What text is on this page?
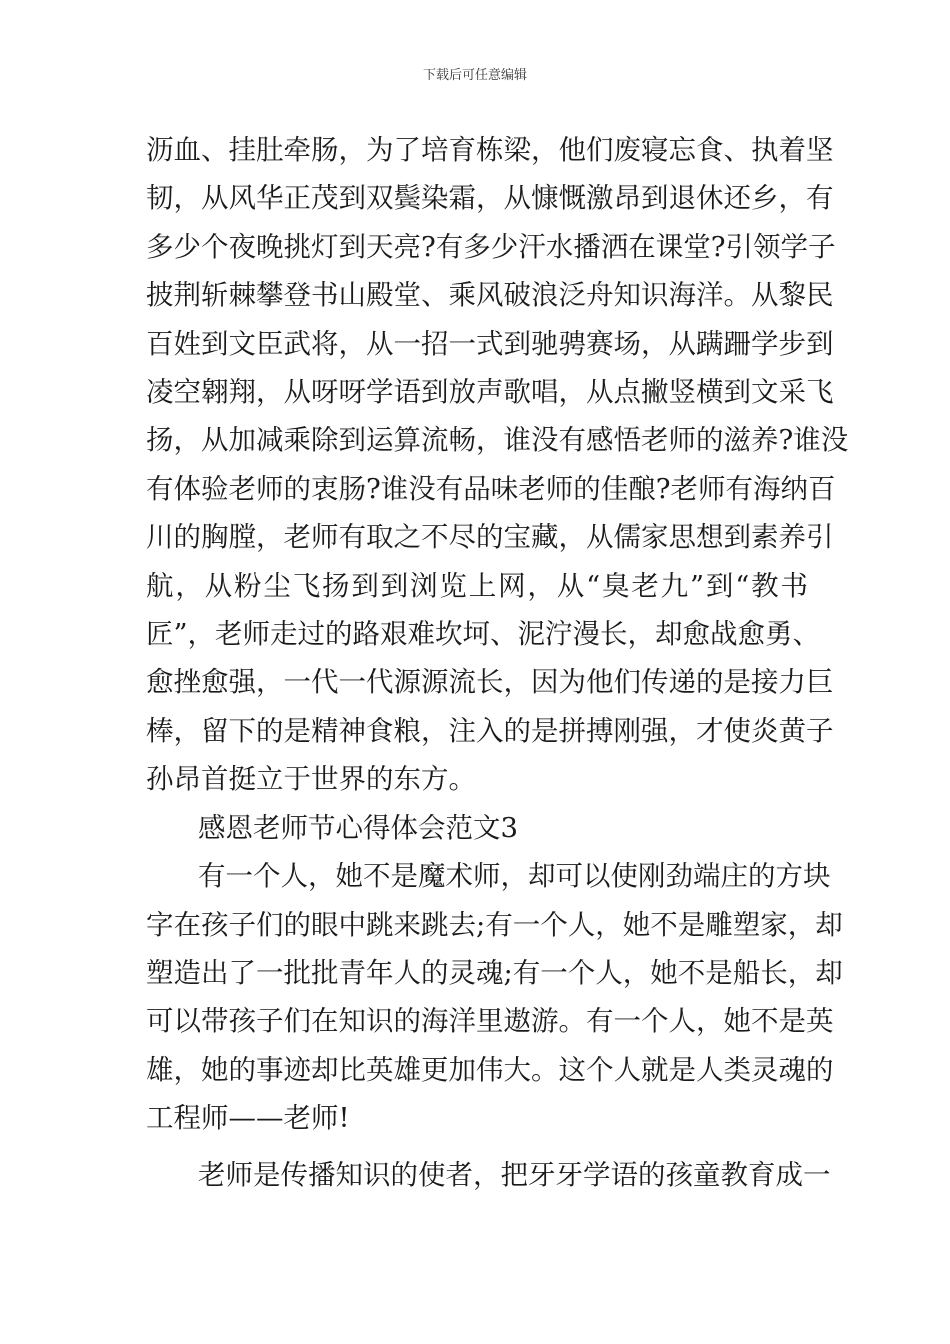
下载后可任意编辑
沥血、挂肚牵肠，为了培育栋梁，他们废寝忘食、执着坚
韧，从风华正茂到双鬓染霜，从慷慨激昂到退休还乡，有
多少个夜晚挑灯到天亮?有多少汗水播洒在课堂?引领学子
披荆斩棘攀登书山殿堂、乘风破浪泛舟知识海洋。从黎民
百姓到文臣武将，从一招一式到驰骋赛场，从蹒跚学步到
凌空翱翔，从呀呀学语到放声歌唱，从点撇竖横到文采飞
扬，从加减乘除到运算流畅，谁没有感悟老师的滋养?谁没
有体验老师的衷肠?谁没有品味老师的佳酿?老师有海纳百
川的胸膛，老师有取之不尽的宝藏，从儒家思想到素养引
航，从粉尘飞扬到到浏览上网，从“臭老九”到“教书
匠”，老师走过的路艰难坎坷、泥泞漫长，却愈战愈勇、
愈挫愈强，一代一代源源流长，因为他们传递的是接力巨
棒，留下的是精神食粮，注入的是拼搏刚强，才使炎黄子
孙昂首挺立于世界的东方。
感恩老师节心得体会范文3
有一个人，她不是魔术师，却可以使刚劲端庄的方块
字在孩子们的眼中跳来跳去;有一个人，她不是雕塑家，却
塑造出了一批批青年人的灵魂;有一个人，她不是船长，却
可以带孩子们在知识的海洋里遨游。有一个人，她不是英
雄，她的事迹却比英雄更加伟大。这个人就是人类灵魂的
工程师——老师!
老师是传播知识的使者，把牙牙学语的孩童教育成一
